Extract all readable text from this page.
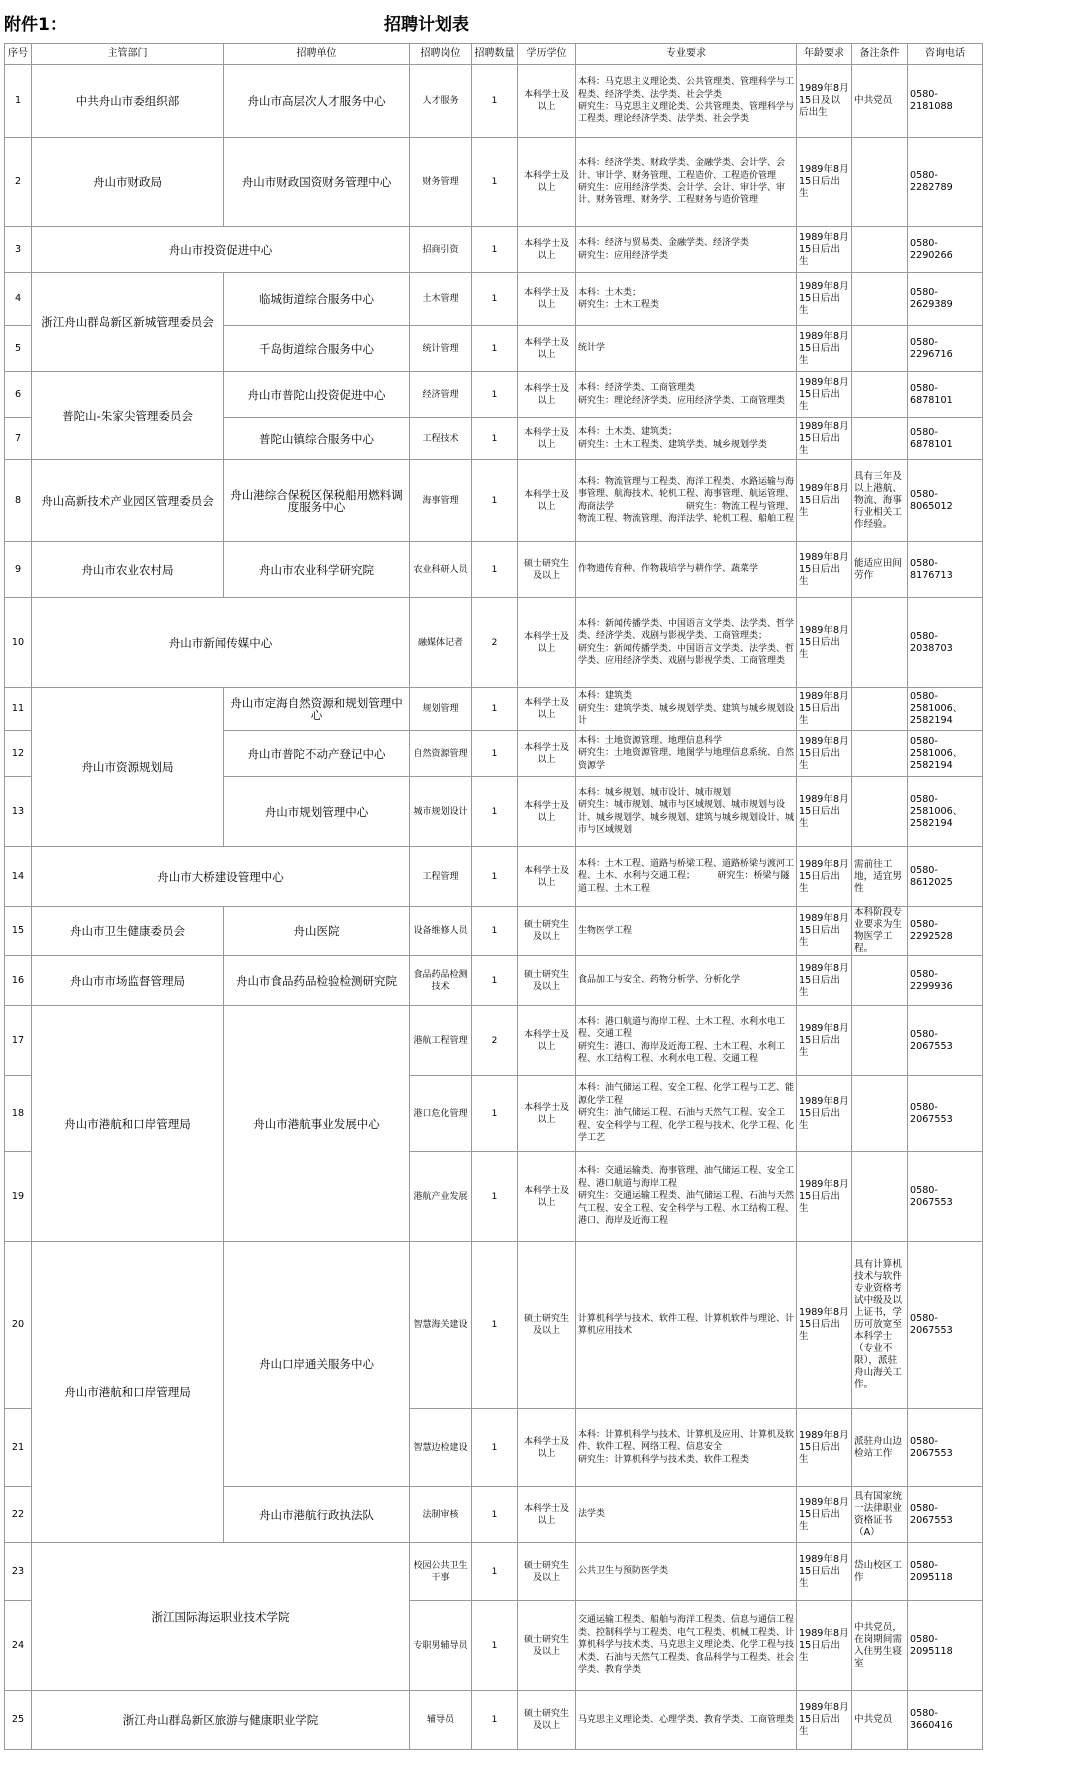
附件1：	招聘计划表
序号	主管部门	招聘单位	招聘岗位	招聘数量	学历学位	专业要求	年龄要求	备注条件	咨询电话
1	中共舟山市委组织部	舟山市高层次人才服务中心	人才服务	1	本科学士及以上	本科：马克思主义理论类、公共管理类、管理科学与工程类、经济学类、法学类、社会学类
研究生：马克思主义理论类、公共管理类、管理科学与工程类、理论经济学类、法学类、社会学类	1989年8月15日及以后出生	中共党员	0580-2181088
2	舟山市财政局	舟山市财政国资财务管理中心	财务管理	1	本科学士及以上	本科：经济学类、财政学类、金融学类、会计学、会计、审计学、财务管理、工程造价、工程造价管理
研究生：应用经济学类、会计学、会计、审计学、审计、财务管理、财务学、工程财务与造价管理	1989年8月15日后出生		0580-2282789
3	舟山市投资促进中心		招商引资	1	本科学士及以上	本科：经济与贸易类、金融学类、经济学类
研究生：应用经济学类	1989年8月15日后出生		0580-2290266
4	浙江舟山群岛新区新城管理委员会	临城街道综合服务中心	土木管理	1	本科学士及以上	本科：土木类；
研究生：土木工程类	1989年8月15日后出生		0580-2629389
5		千岛街道综合服务中心	统计管理	1	本科学士及以上	统计学	1989年8月15日后出生		0580-2296716
6	普陀山-朱家尖管理委员会	舟山市普陀山投资促进中心	经济管理	1	本科学士及以上	本科：经济学类、工商管理类
研究生：理论经济学类、应用经济学类、工商管理类	1989年8月15日后出生		0580-6878101
7		普陀山镇综合服务中心	工程技术	1	本科学士及以上	本科：土木类、建筑类；
研究生：土木工程类、建筑学类、城乡规划学类	1989年8月15日后出生		0580-6878101
8	舟山高新技术产业园区管理委员会	舟山港综合保税区保税船用燃料调度服务中心	海事管理	1	本科学士及以上	本科：物流管理与工程类、海洋工程类、水路运输与海事管理、航海技术、轮机工程、海事管理、航运管理、海商法学　　　　　　　　研究生：物流工程与管理、物流工程、物流管理、海洋法学、轮机工程、船舶工程	1989年8月15日后出生	具有三年及以上港航、物流、海事行业相关工作经验。	0580-8065012
9	舟山市农业农村局	舟山市农业科学研究院	农业科研人员	1	硕士研究生及以上	作物遗传育种、作物栽培学与耕作学、蔬菜学	1989年8月15日后出生	能适应田间劳作	0580-8176713
10	舟山市新闻传媒中心		融媒体记者	2	本科学士及以上	本科：新闻传播学类、中国语言文学类、法学类、哲学类、经济学类、戏剧与影视学类、工商管理类；
研究生：新闻传播学类、中国语言文学类、法学类、哲学类、应用经济学类、戏剧与影视学类、工商管理类	1989年8月15日后出生		0580-2038703
11	舟山市资源规划局	舟山市定海自然资源和规划管理中心	规划管理	1	本科学士及以上	本科：建筑类
研究生：建筑学类、城乡规划学类、建筑与城乡规划设计	1989年8月15日后出生		0580-2581006、2582194
12		舟山市普陀不动产登记中心	自然资源管理	1	本科学士及以上	本科：土地资源管理、地理信息科学
研究生：土地资源管理、地图学与地理信息系统、自然资源学	1989年8月15日后出生		0580-2581006、2582194
13		舟山市规划管理中心	城市规划设计	1	本科学士及以上	本科：城乡规划、城市设计、城市规划
研究生：城市规划、城市与区域规划、城市规划与设计、城乡规划学、城乡规划、建筑与城乡规划设计、城市与区域规划	1989年8月15日后出生		0580-2581006、2582194
14	舟山市大桥建设管理中心		工程管理	1	本科学士及以上	本科：土木工程、道路与桥梁工程、道路桥梁与渡河工程、土木、水利与交通工程；　　　研究生：桥梁与隧道工程、土木工程	1989年8月15日后出生	需前往工地，适宜男性	0580-8612025
15	舟山市卫生健康委员会	舟山医院	设备维修人员	1	硕士研究生及以上	生物医学工程	1989年8月15日后出生	本科阶段专业要求为生物医学工程。	0580-2292528
16	舟山市市场监督管理局	舟山市食品药品检验检测研究院	食品药品检测技术	1	硕士研究生及以上	食品加工与安全、药物分析学、分析化学	1989年8月15日后出生		0580-2299936
17	舟山市港航和口岸管理局	舟山市港航事业发展中心	港航工程管理	2	本科学士及以上	本科：港口航道与海岸工程、土木工程、水利水电工程、交通工程
研究生：港口、海岸及近海工程、土木工程、水利工程、水工结构工程、水利水电工程、交通工程	1989年8月15日后出生		0580-2067553
18			港口危化管理	1	本科学士及以上	本科：油气储运工程、安全工程、化学工程与工艺、能源化学工程
研究生：油气储运工程、石油与天然气工程、安全工程、安全科学与工程、化学工程与技术、化学工程、化学工艺	1989年8月15日后出生		0580-2067553
19			港航产业发展	1	本科学士及以上	本科：交通运输类、海事管理、油气储运工程、安全工程、港口航道与海岸工程
研究生：交通运输工程类、油气储运工程、石油与天然气工程、安全工程、安全科学与工程、水工结构工程、港口、海岸及近海工程	1989年8月15日后出生		0580-2067553
20	舟山市港航和口岸管理局	舟山口岸通关服务中心	智慧海关建设	1	硕士研究生及以上	计算机科学与技术、软件工程、计算机软件与理论、计算机应用技术	1989年8月15日后出生	具有计算机技术与软件专业资格考试中级及以上证书，学历可放宽至本科学士（专业不限），派驻舟山海关工作。	0580-2067553
21			智慧边检建设	1	本科学士及以上	本科：计算机科学与技术、计算机及应用、计算机及软件、软件工程、网络工程、信息安全
研究生：计算机科学与技术类、软件工程类	1989年8月15日后出生	派驻舟山边检站工作	0580-2067553
22		舟山市港航行政执法队	法制审核	1	本科学士及以上	法学类	1989年8月15日后出生	具有国家统一法律职业资格证书（A）	0580-2067553
23	浙江国际海运职业技术学院		校园公共卫生干事	1	硕士研究生及以上	公共卫生与预防医学类	1989年8月15日后出生	岱山校区工作	0580-2095118
24			专职男辅导员	1	硕士研究生及以上	交通运输工程类、船舶与海洋工程类、信息与通信工程类、控制科学与工程类、电气工程类、机械工程类、计算机科学与技术类、马克思主义理论类、化学工程与技术类、石油与天然气工程类、食品科学与工程类、社会学类、教育学类	1989年8月15日后出生	中共党员，在岗期间需入住男生寝室	0580-2095118
25	浙江舟山群岛新区旅游与健康职业学院		辅导员	1	硕士研究生及以上	马克思主义理论类、心理学类、教育学类、工商管理类	1989年8月15日后出生	中共党员	0580-3660416
